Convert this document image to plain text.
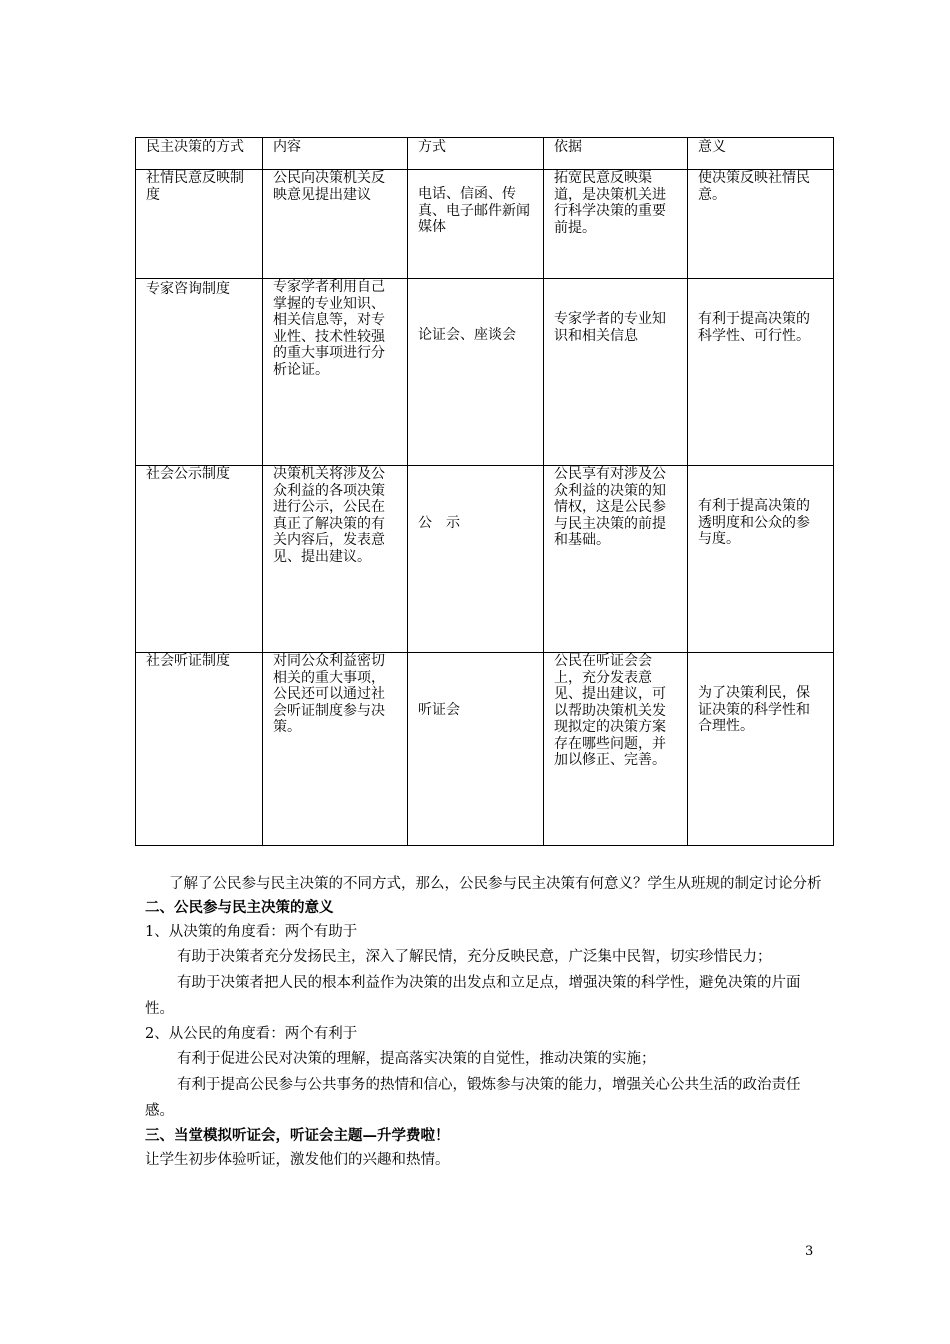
民主决策的方式	内容	方式	依据	意义
社情民意反映制度	公民向决策机关反映意见提出建议	电话、信函、传真、电子邮件新闻媒体	拓宽民意反映渠道，是决策机关进行科学决策的重要前提。	使决策反映社情民意。

专家咨询制度	专家学者利用自己掌握的专业知识、相关信息等，对专业性、技术性较强的重大事项进行分析论证。	论证会、座谈会	专家学者的专业知识和相关信息	有利于提高决策的科学性、可行性。

社会公示制度	决策机关将涉及公众利益的各项决策进行公示，公民在真正了解决策的有关内容后，发表意见、提出建议。	公　示	公民享有对涉及公众利益的决策的知情权，这是公民参与民主决策的前提和基础。	有利于提高决策的透明度和公众的参与度。

社会听证制度	对同公众利益密切相关的重大事项，公民还可以通过社会听证制度参与决策。	听证会	公民在听证会会上，充分发表意见、提出建议，可以帮助决策机关发现拟定的决策方案存在哪些问题，并加以修正、完善。	为了决策利民，保证决策的科学性和合理性。

了解了公民参与民主决策的不同方式，那么，公民参与民主决策有何意义？学生从班规的制定讨论分析

二、公民参与民主决策的意义

1、从决策的角度看：两个有助于

有助于决策者充分发扬民主，深入了解民情，充分反映民意，广泛集中民智，切实珍惜民力；

有助于决策者把人民的根本利益作为决策的出发点和立足点，增强决策的科学性，避免决策的片面性。

2、从公民的角度看：两个有利于

有利于促进公民对决策的理解，提高落实决策的自觉性，推动决策的实施；

有利于提高公民参与公共事务的热情和信心，锻炼参与决策的能力，增强关心公共生活的政治责任感。

三、当堂模拟听证会，听证会主题—升学费啦！

让学生初步体验听证，激发他们的兴趣和热情。

3
